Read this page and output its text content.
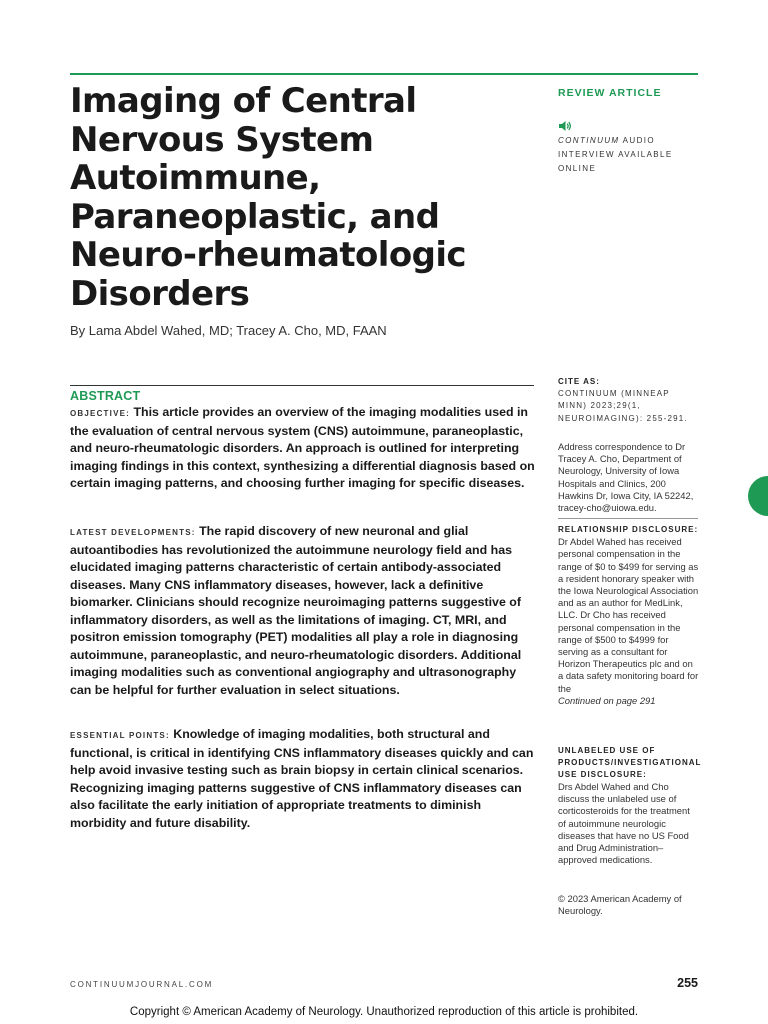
Imaging of Central
Nervous System
Autoimmune,
Paraneoplastic, and
Neuro-rheumatologic
Disorders
By Lama Abdel Wahed, MD; Tracey A. Cho, MD, FAAN
REVIEW ARTICLE
CONTINUUM AUDIO INTERVIEW AVAILABLE ONLINE
ABSTRACT

OBJECTIVE: This article provides an overview of the imaging modalities used in the evaluation of central nervous system (CNS) autoimmune, paraneoplastic, and neuro-rheumatologic disorders. An approach is outlined for interpreting imaging findings in this context, synthesizing a differential diagnosis based on certain imaging patterns, and choosing further imaging for specific diseases.

LATEST DEVELOPMENTS: The rapid discovery of new neuronal and glial autoantibodies has revolutionized the autoimmune neurology field and has elucidated imaging patterns characteristic of certain antibody-associated diseases. Many CNS inflammatory diseases, however, lack a definitive biomarker. Clinicians should recognize neuroimaging patterns suggestive of inflammatory disorders, as well as the limitations of imaging. CT, MRI, and positron emission tomography (PET) modalities all play a role in diagnosing autoimmune, paraneoplastic, and neuro-rheumatologic disorders. Additional imaging modalities such as conventional angiography and ultrasonography can be helpful for further evaluation in select situations.

ESSENTIAL POINTS: Knowledge of imaging modalities, both structural and functional, is critical in identifying CNS inflammatory diseases quickly and can help avoid invasive testing such as brain biopsy in certain clinical scenarios. Recognizing imaging patterns suggestive of CNS inflammatory diseases can also facilitate the early initiation of appropriate treatments to diminish morbidity and future disability.

CITE AS:
CONTINUUM (MINNEAP MINN) 2023;29(1, NEUROIMAGING): 255-291.
Address correspondence to Dr Tracey A. Cho, Department of Neurology, University of Iowa Hospitals and Clinics, 200 Hawkins Dr, Iowa City, IA 52242, tracey-cho@uiowa.edu.
RELATIONSHIP DISCLOSURE:
Dr Abdel Wahed has received personal compensation in the range of $0 to $499 for serving as a resident honorary speaker with the Iowa Neurological Association and as an author for MedLink, LLC. Dr Cho has received personal compensation in the range of $500 to $4999 for serving as a consultant for Horizon Therapeutics plc and on a data safety monitoring board for the
Continued on page 291
UNLABELED USE OF PRODUCTS/INVESTIGATIONAL USE DISCLOSURE:
Drs Abdel Wahed and Cho discuss the unlabeled use of corticosteroids for the treatment of autoimmune neurologic diseases that have no US Food and Drug Administration–approved medications.
© 2023 American Academy of Neurology.
CONTINUUMJOURNAL.COM	255
Copyright © American Academy of Neurology. Unauthorized reproduction of this article is prohibited.
